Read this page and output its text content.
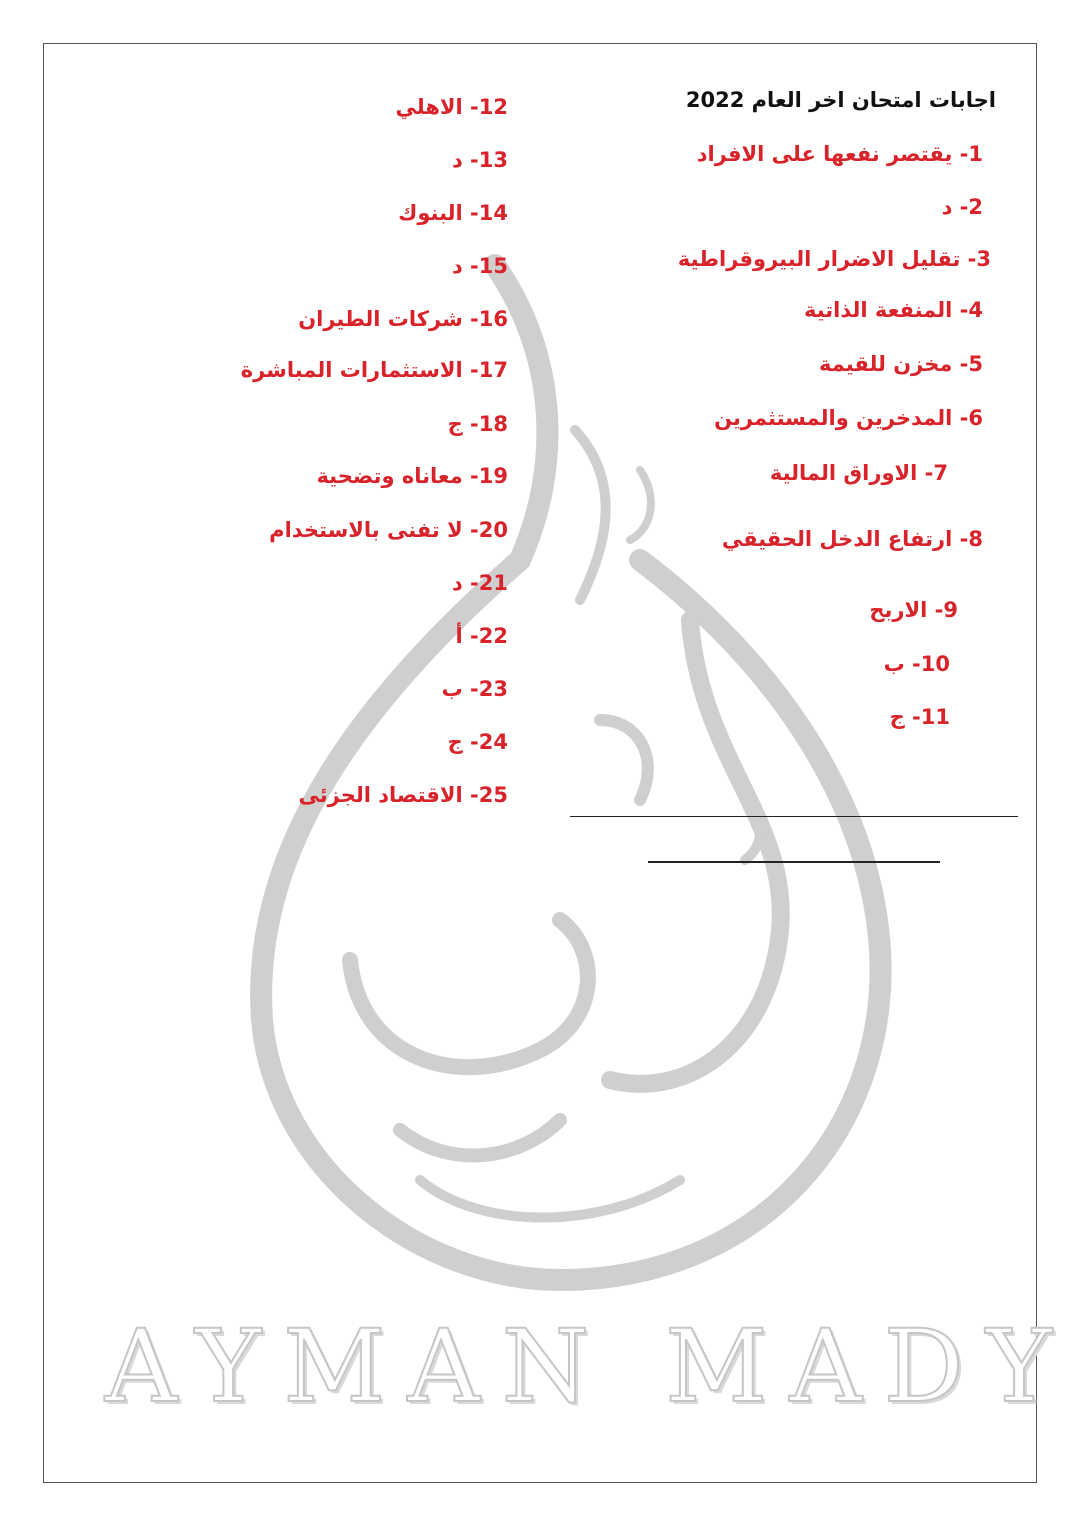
AYMAN MADY
اجابات امتحان اخر العام 2022
1- يقتصر نفعها على الافراد
2- د
3- تقليل الاضرار البيروقراطية
4- المنفعة الذاتية
5- مخزن للقيمة
6- المدخرين والمستثمرين
7- الاوراق المالية
8- ارتفاع الدخل الحقيقي
9- الاربح
10- ب
11- ج
12- الاهلي
13- د
14- البنوك
15- د
16- شركات الطيران
17- الاستثمارات المباشرة
18- ج
19- معاناه وتضحية
20- لا تفنى بالاستخدام
21- د
22- أ
23- ب
24- ج
25- الاقتصاد الجزئى
